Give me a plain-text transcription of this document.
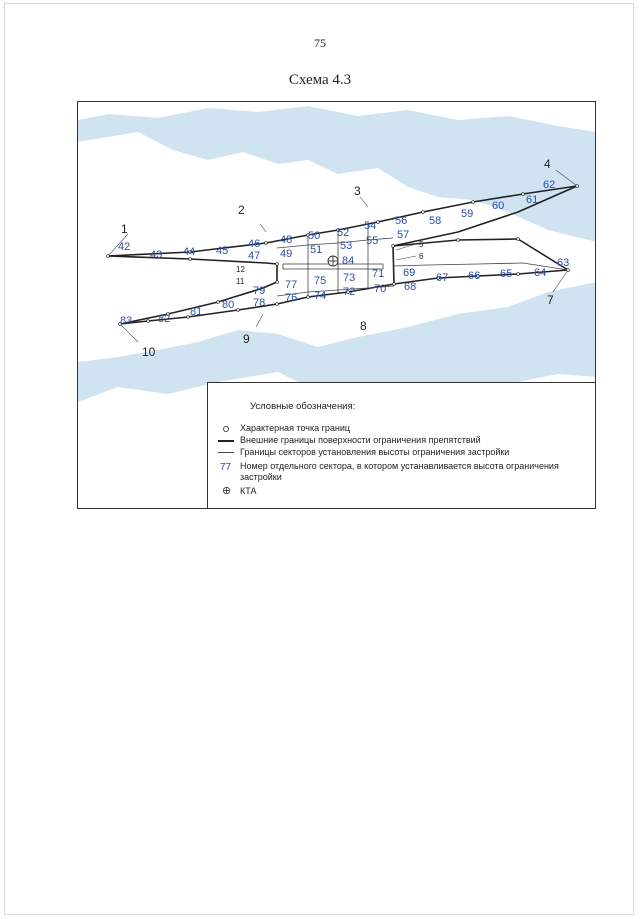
75
Схема 4.3
1
2
3
4
5
6
7
8
9
10
11
12
42
43 44 45
46
47
48
49
50
51
52
53
54
55
56
57
58
59
60 61
62
63
64
65
66
67
68
69
70
71
72
73
74
75
76
77
78
79
80
81
82
83
84
Условные обозначения:
Характерная точка границ
Внешние границы поверхности ограничения препятствий
Границы секторов установления высоты ограничения застройки
77 Номер отдельного сектора, в котором устанавливается высота ограничения застройки
⊕ КТА
